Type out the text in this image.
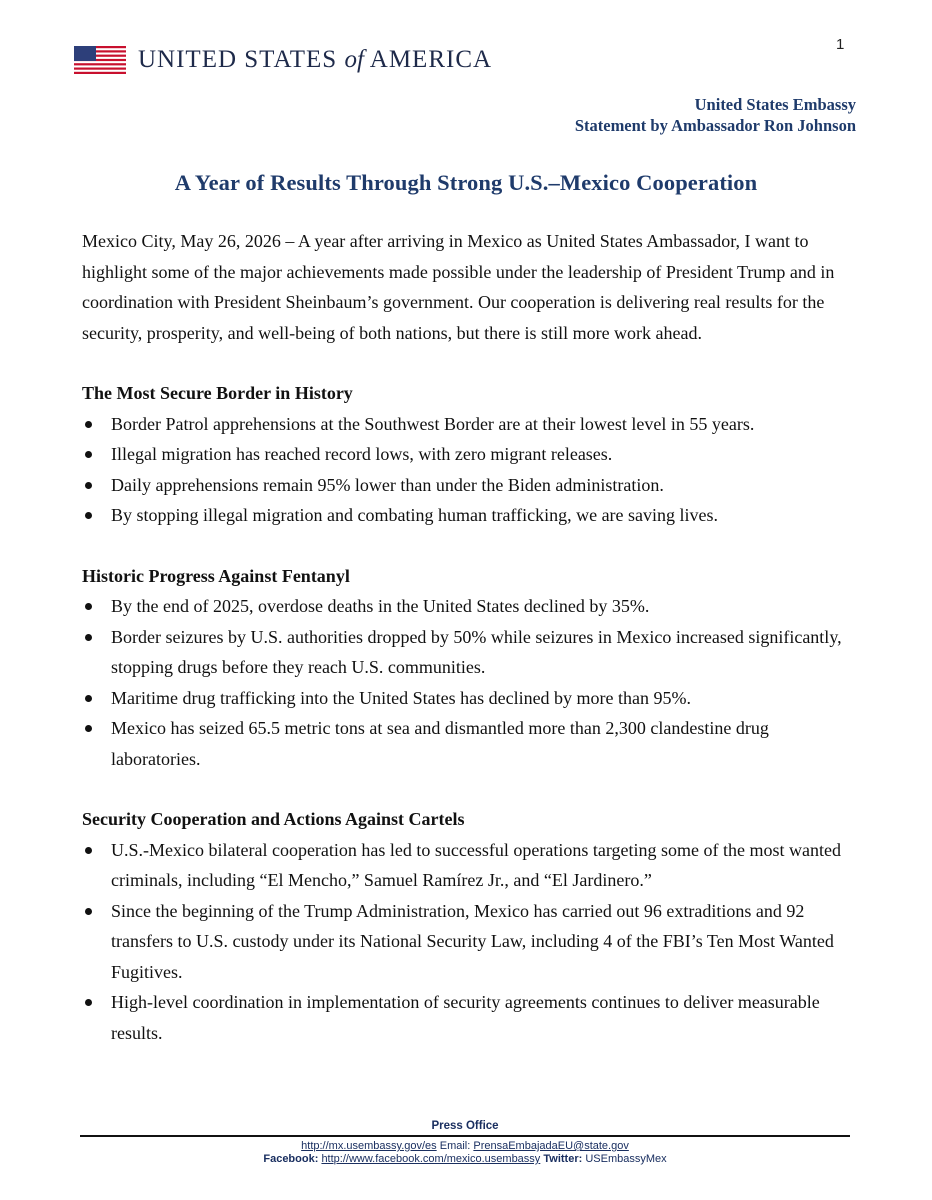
UNITED STATES of AMERICA
1
United States Embassy
Statement by Ambassador Ron Johnson
A Year of Results Through Strong U.S.–Mexico Cooperation

Mexico City, May 26, 2026 – A year after arriving in Mexico as United States Ambassador, I want to highlight some of the major achievements made possible under the leadership of President Trump and in coordination with President Sheinbaum’s government. Our cooperation is delivering real results for the security, prosperity, and well-being of both nations, but there is still more work ahead.

The Most Secure Border in History

Border Patrol apprehensions at the Southwest Border are at their lowest level in 55 years.
Illegal migration has reached record lows, with zero migrant releases.
Daily apprehensions remain 95% lower than under the Biden administration.
By stopping illegal migration and combating human trafficking, we are saving lives.

Historic Progress Against Fentanyl

By the end of 2025, overdose deaths in the United States declined by 35%.
Border seizures by U.S. authorities dropped by 50% while seizures in Mexico increased significantly, stopping drugs before they reach U.S. communities.
Maritime drug trafficking into the United States has declined by more than 95%.
Mexico has seized 65.5 metric tons at sea and dismantled more than 2,300 clandestine drug laboratories.

Security Cooperation and Actions Against Cartels

U.S.-Mexico bilateral cooperation has led to successful operations targeting some of the most wanted criminals, including “El Mencho,” Samuel Ramírez Jr., and “El Jardinero.”
Since the beginning of the Trump Administration, Mexico has carried out 96 extraditions and 92 transfers to U.S. custody under its National Security Law, including 4 of the FBI’s Ten Most Wanted Fugitives.
High-level coordination in implementation of security agreements continues to deliver measurable results.
Press Office
http://mx.usembassy.gov/es Email: PrensaEmbajadaEU@state.gov
Facebook: http://www.facebook.com/mexico.usembassy Twitter: USEmbassyMex
